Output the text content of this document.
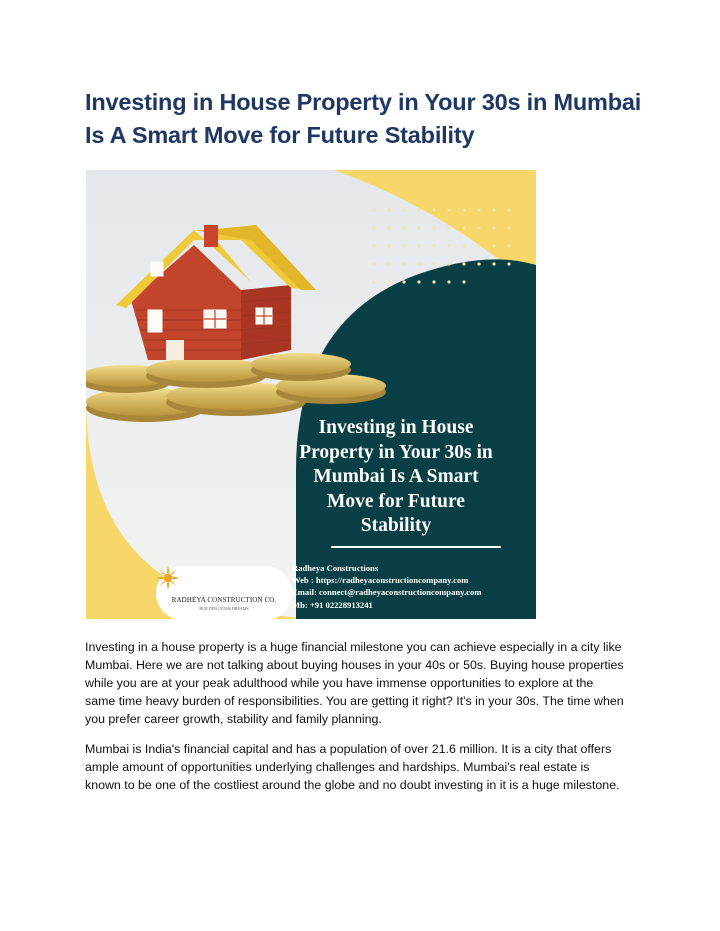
Investing in House Property in Your 30s in Mumbai Is A Smart Move for Future Stability
Investing in House
Property in Your 30s in
Mumbai Is A Smart
Move for Future
Stability
RADHEYA CONSTRUCTION CO.
BUILDING YOUR DREAMS
Radheya Constructions
Web : https://radheyaconstructioncompany.com
Email: connect@radheyaconstructioncompany.com
Mb: +91 02228913241

Investing in a house property is a huge financial milestone you can achieve especially in a city like Mumbai. Here we are not talking about buying houses in your 40s or 50s. Buying house properties while you are at your peak adulthood while you have immense opportunities to explore at the same time heavy burden of responsibilities. You are getting it right? It's in your 30s. The time when you prefer career growth, stability and family planning.

Mumbai is India's financial capital and has a population of over 21.6 million. It is a city that offers ample amount of opportunities underlying challenges and hardships. Mumbai's real estate is known to be one of the costliest around the globe and no doubt investing in it is a huge milestone.
